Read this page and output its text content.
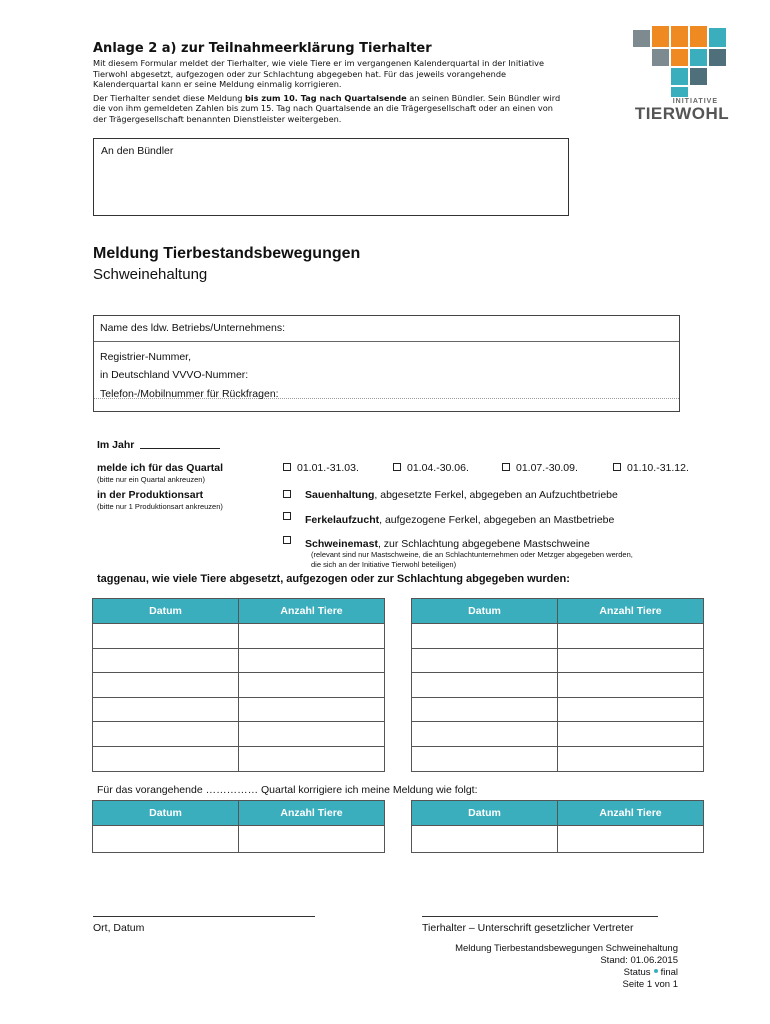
Anlage 2 a) zur Teilnahmeerklärung Tierhalter

Mit diesem Formular meldet der Tierhalter, wie viele Tiere er im vergangenen Kalenderquartal in der Initiative Tierwohl abgesetzt, aufgezogen oder zur Schlachtung abgegeben hat. Für das jeweils vorangehende Kalenderquartal kann er seine Meldung einmalig korrigieren.

Der Tierhalter sendet diese Meldung bis zum 10. Tag nach Quartalsende an seinen Bündler. Sein Bündler wird die von ihm gemeldeten Zahlen bis zum 15. Tag nach Quartalsende an die Trägergesellschaft oder an einen von der Trägergesellschaft benannten Dienstleister weitergeben.

INITIATIVE
TIERWOHL
An den Bündler
Meldung Tierbestandsbewegungen
Schweinehaltung
Name des ldw. Betriebs/Unternehmens:
Registrier-Nummer,
in Deutschland VVVO-Nummer:
Telefon-/Mobilnummer für Rückfragen:
Im Jahr
melde ich für das Quartal
(bitte nur ein Quartal ankreuzen)
01.01.-31.03.	01.04.-30.06.	01.07.-30.09.	01.10.-31.12.
in der Produktionsart
(bitte nur 1 Produktionsart ankreuzen)
Sauenhaltung, abgesetzte Ferkel, abgegeben an Aufzuchtbetriebe
Ferkelaufzucht, aufgezogene Ferkel, abgegeben an Mastbetriebe
Schweinemast, zur Schlachtung abgegebene Mastschweine
(relevant sind nur Mastschweine, die an Schlachtunternehmen oder Metzger abgegeben werden,
die sich an der Initiative Tierwohl beteiligen)
taggenau, wie viele Tiere abgesetzt, aufgezogen oder zur Schlachtung abgegeben wurden:
Datum	Anzahl Tiere

		Datum	Anzahl Tiere

Für das vorangehende …………… Quartal korrigiere ich meine Meldung wie folgt:
Datum	Anzahl Tiere
		Datum	Anzahl Tiere

Ort, Datum	Tierhalter – Unterschrift gesetzlicher Vertreter
Meldung Tierbestandsbewegungen Schweinehaltung
Stand: 01.06.2015
Status final
Seite 1 von 1
